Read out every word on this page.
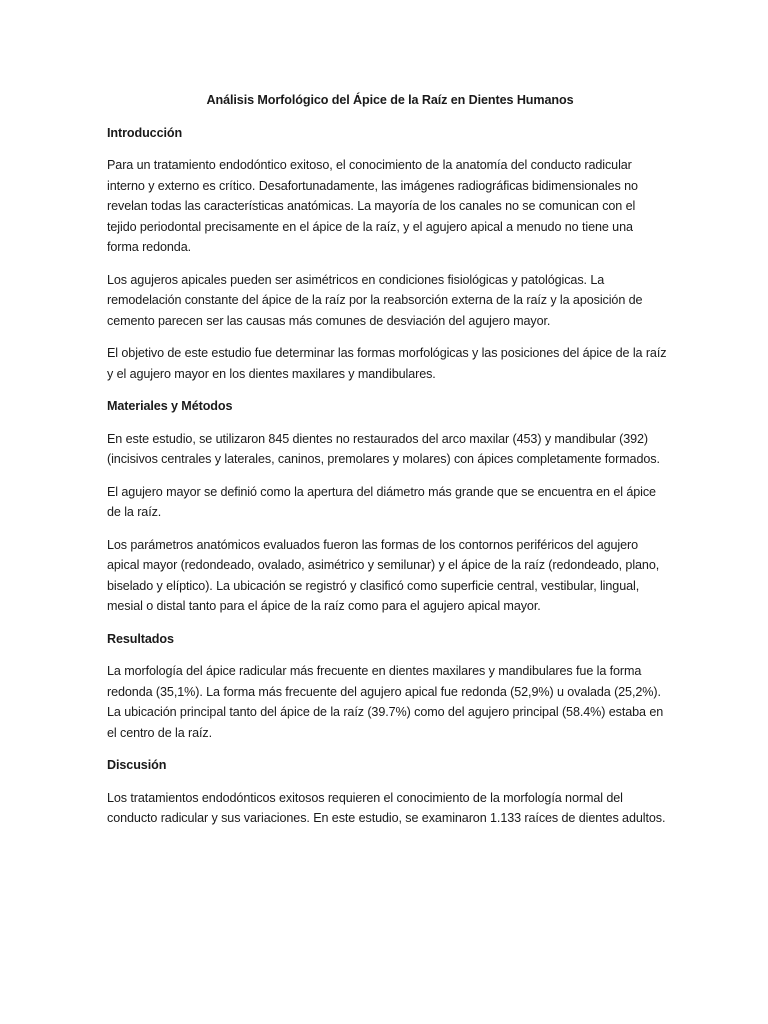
Análisis Morfológico del Ápice de la Raíz en Dientes Humanos
Introducción

Para un tratamiento endodóntico exitoso, el conocimiento de la anatomía del conducto radicular interno y externo es crítico. Desafortunadamente, las imágenes radiográficas bidimensionales no revelan todas las características anatómicas. La mayoría de los canales no se comunican con el tejido periodontal precisamente en el ápice de la raíz, y el agujero apical a menudo no tiene una forma redonda.

Los agujeros apicales pueden ser asimétricos en condiciones fisiológicas y patológicas. La remodelación constante del ápice de la raíz por la reabsorción externa de la raíz y la aposición de cemento parecen ser las causas más comunes de desviación del agujero mayor.

El objetivo de este estudio fue determinar las formas morfológicas y las posiciones del ápice de la raíz y el agujero mayor en los dientes maxilares y mandibulares.

Materiales y Métodos

En este estudio, se utilizaron 845 dientes no restaurados del arco maxilar (453) y mandibular (392) (incisivos centrales y laterales, caninos, premolares y molares) con ápices completamente formados.

El agujero mayor se definió como la apertura del diámetro más grande que se encuentra en el ápice de la raíz.

Los parámetros anatómicos evaluados fueron las formas de los contornos periféricos del agujero apical mayor (redondeado, ovalado, asimétrico y semilunar) y el ápice de la raíz (redondeado, plano, biselado y elíptico). La ubicación se registró y clasificó como superficie central, vestibular, lingual, mesial o distal tanto para el ápice de la raíz como para el agujero apical mayor.

Resultados

La morfología del ápice radicular más frecuente en dientes maxilares y mandibulares fue la forma redonda (35,1%). La forma más frecuente del agujero apical fue redonda (52,9%) u ovalada (25,2%). La ubicación principal tanto del ápice de la raíz (39.7%) como del agujero principal (58.4%) estaba en el centro de la raíz.

Discusión

Los tratamientos endodónticos exitosos requieren el conocimiento de la morfología normal del conducto radicular y sus variaciones. En este estudio, se examinaron 1.133 raíces de dientes adultos.
